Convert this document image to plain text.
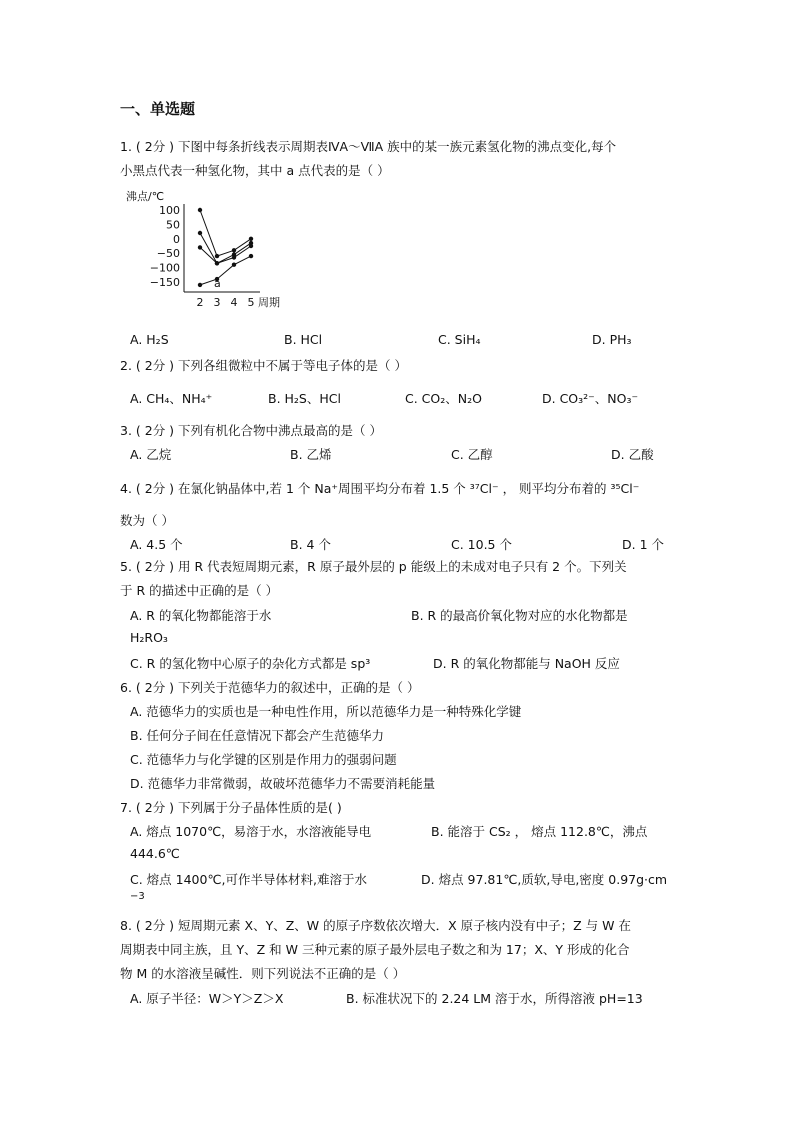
一、单选题
1. ( 2分 ) 下图中每条折线表示周期表ⅣA～ⅦA 族中的某一族元素氢化物的沸点变化,每个
小黑点代表一种氢化物，其中 a 点代表的是（ ）
沸点/℃
100
50
0
−50
−100
−150
2 3 4 5 周期
a
A. H₂S	B. HCl	C. SiH₄	D. PH₃
2. ( 2分 ) 下列各组微粒中不属于等电子体的是（ ）
A. CH₄、NH₄⁺	B. H₂S、HCl	C. CO₂、N₂O	D. CO₃²⁻、NO₃⁻
3. ( 2分 ) 下列有机化合物中沸点最高的是（ ）
A. 乙烷	B. 乙烯	C. 乙醇	D. 乙酸
4. ( 2分 ) 在氯化钠晶体中,若 1 个 Na⁺周围平均分布着 1.5 个 ³⁷Cl⁻ ， 则平均分布着的 ³⁵Cl⁻
数为（ ）
A. 4.5 个	B. 4 个	C. 10.5 个	D. 1 个
5. ( 2分 ) 用 R 代表短周期元素，R 原子最外层的 p 能级上的未成对电子只有 2 个。下列关
于 R 的描述中正确的是（ ）
A. R 的氧化物都能溶于水	B. R 的最高价氧化物对应的水化物都是
H₂RO₃
C. R 的氢化物中心原子的杂化方式都是 sp³	D. R 的氧化物都能与 NaOH 反应
6. ( 2分 ) 下列关于范德华力的叙述中，正确的是（ ）
A. 范德华力的实质也是一种电性作用，所以范德华力是一种特殊化学键
B. 任何分子间在任意情况下都会产生范德华力
C. 范德华力与化学键的区别是作用力的强弱问题
D. 范德华力非常微弱，故破坏范德华力不需要消耗能量
7. ( 2分 ) 下列属于分子晶体性质的是( )
A. 熔点 1070℃，易溶于水，水溶液能导电	B. 能溶于 CS₂ ， 熔点 112.8℃，沸点
444.6℃
C. 熔点 1400℃,可作半导体材料,难溶于水	D. 熔点 97.81℃,质软,导电,密度 0.97g·cm
−3
8. ( 2分 ) 短周期元素 X、Y、Z、W 的原子序数依次增大．X 原子核内没有中子；Z 与 W 在
周期表中同主族，且 Y、Z 和 W 三种元素的原子最外层电子数之和为 17；X、Y 形成的化合
物 M 的水溶液呈碱性．则下列说法不正确的是（ ）
A. 原子半径：W＞Y＞Z＞X	B. 标准状况下的 2.24 LM 溶于水，所得溶液 pH=13
